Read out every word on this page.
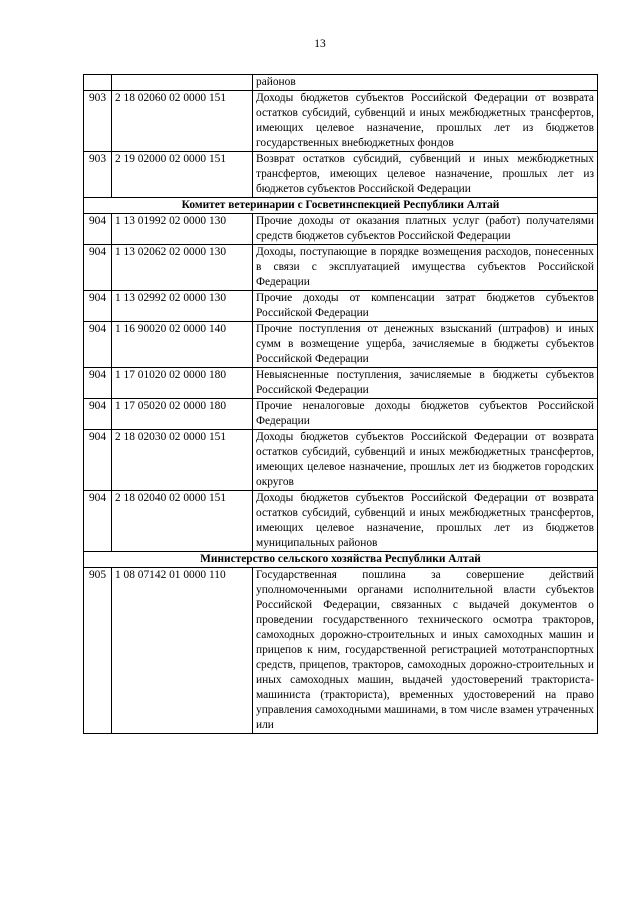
13
		районов
903	2 18 02060 02 0000 151	Доходы бюджетов субъектов Российской Федерации от возврата остатков субсидий, субвенций и иных межбюджетных трансфертов, имеющих целевое назначение, прошлых лет из бюджетов государственных внебюджетных фондов
903	2 19 02000 02 0000 151	Возврат остатков субсидий, субвенций и иных межбюджетных трансфертов, имеющих целевое назначение, прошлых лет из бюджетов субъектов Российской Федерации
Комитет ветеринарии с Госветинспекцией Республики Алтай		
904	1 13 01992 02 0000 130	Прочие доходы от оказания платных услуг (работ) получателями средств бюджетов субъектов Российской Федерации
904	1 13 02062 02 0000 130	Доходы, поступающие в порядке возмещения расходов, понесенных в связи с эксплуатацией имущества субъектов Российской Федерации
904	1 13 02992 02 0000 130	Прочие доходы от компенсации затрат бюджетов субъектов Российской Федерации
904	1 16 90020 02 0000 140	Прочие поступления от денежных взысканий (штрафов) и иных сумм в возмещение ущерба, зачисляемые в бюджеты субъектов Российской Федерации
904	1 17 01020 02 0000 180	Невыясненные поступления, зачисляемые в бюджеты субъектов Российской Федерации
904	1 17 05020 02 0000 180	Прочие неналоговые доходы бюджетов субъектов Российской Федерации
904	2 18 02030 02 0000 151	Доходы бюджетов субъектов Российской Федерации от возврата остатков субсидий, субвенций и иных межбюджетных трансфертов, имеющих целевое назначение, прошлых лет из бюджетов городских округов
904	2 18 02040 02 0000 151	Доходы бюджетов субъектов Российской Федерации от возврата остатков субсидий, субвенций и иных межбюджетных трансфертов, имеющих целевое назначение, прошлых лет из бюджетов муниципальных районов
Министерство сельского хозяйства Республики Алтай		
905	1 08 07142 01 0000 110	Государственная пошлина за совершение действий уполномоченными органами исполнительной власти субъектов Российской Федерации, связанных с выдачей документов о проведении государственного технического осмотра тракторов, самоходных дорожно-строительных и иных самоходных машин и прицепов к ним, государственной регистрацией мототранспортных средств, прицепов, тракторов, самоходных дорожно-строительных и иных самоходных машин, выдачей удостоверений тракториста-машиниста (тракториста), временных удостоверений на право управления самоходными машинами, в том числе взамен утраченных или
